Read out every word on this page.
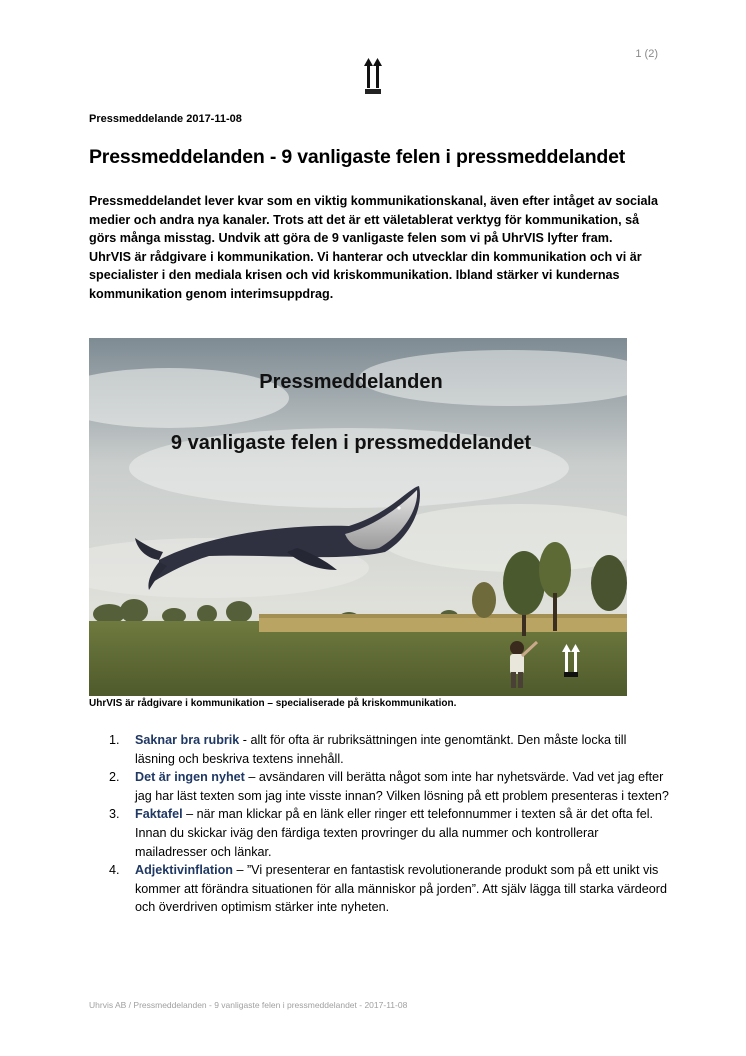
1 (2)
Pressmeddelande 2017-11-08
Pressmeddelanden - 9 vanligaste felen i pressmeddelandet

Pressmeddelandet lever kvar som en viktig kommunikationskanal, även efter intåget av sociala medier och andra nya kanaler. Trots att det är ett väletablerat verktyg för kommunikation, så görs många misstag. Undvik att göra de 9 vanligaste felen som vi på UhrVIS lyfter fram.

UhrVIS är rådgivare i kommunikation. Vi hanterar och utvecklar din kommunikation och vi är specialister i den mediala krisen och vid kriskommunikation. Ibland stärker vi kundernas kommunikation genom interimsuppdrag.

Pressmeddelanden
9 vanligaste felen i pressmeddelandet
UhrVIS är rådgivare i kommunikation – specialiserade på kriskommunikation.
1. Saknar bra rubrik - allt för ofta är rubriksättningen inte genomtänkt. Den måste locka till läsning och beskriva textens innehåll.
2. Det är ingen nyhet – avsändaren vill berätta något som inte har nyhetsvärde. Vad vet jag efter jag har läst texten som jag inte visste innan? Vilken lösning på ett problem presenteras i texten?
3. Faktafel – när man klickar på en länk eller ringer ett telefonnummer i texten så är det ofta fel. Innan du skickar iväg den färdiga texten provringer du alla nummer och kontrollerar mailadresser och länkar.
4. Adjektivinflation – ”Vi presenterar en fantastisk revolutionerande produkt som på ett unikt vis kommer att förändra situationen för alla människor på jorden”. Att själv lägga till starka värdeord och överdriven optimism stärker inte nyheten.
Uhrvis AB / Pressmeddelanden - 9 vanligaste felen i pressmeddelandet - 2017-11-08
